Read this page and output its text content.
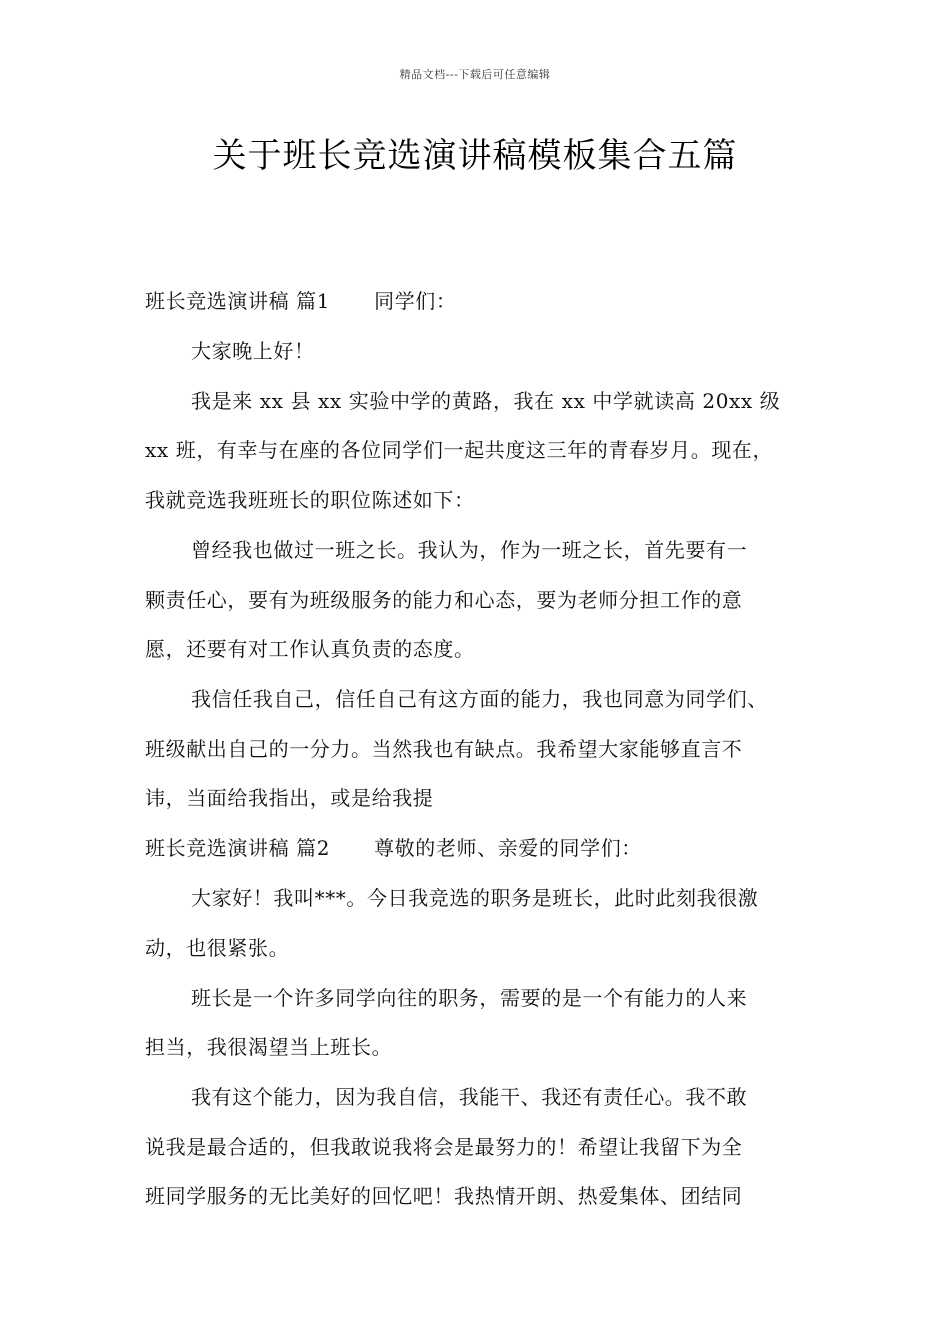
精品文档---下载后可任意编辑
关于班长竞选演讲稿模板集合五篇
班长竞选演讲稿 篇1 同学们：
大家晚上好！
我是来 xx 县 xx 实验中学的黄路，我在 xx 中学就读高 20xx 级
xx 班，有幸与在座的各位同学们一起共度这三年的青春岁月。现在，
我就竞选我班班长的职位陈述如下：
曾经我也做过一班之长。我认为，作为一班之长，首先要有一
颗责任心，要有为班级服务的能力和心态，要为老师分担工作的意
愿，还要有对工作认真负责的态度。
我信任我自己，信任自己有这方面的能力，我也同意为同学们、
班级献出自己的一分力。当然我也有缺点。我希望大家能够直言不
讳，当面给我指出，或是给我提
班长竞选演讲稿 篇2 尊敬的老师、亲爱的同学们：
大家好！我叫***。今日我竞选的职务是班长，此时此刻我很激
动，也很紧张。
班长是一个许多同学向往的职务，需要的是一个有能力的人来
担当，我很渴望当上班长。
我有这个能力，因为我自信，我能干、我还有责任心。我不敢
说我是最合适的，但我敢说我将会是最努力的！希望让我留下为全
班同学服务的无比美好的回忆吧！我热情开朗、热爱集体、团结同
